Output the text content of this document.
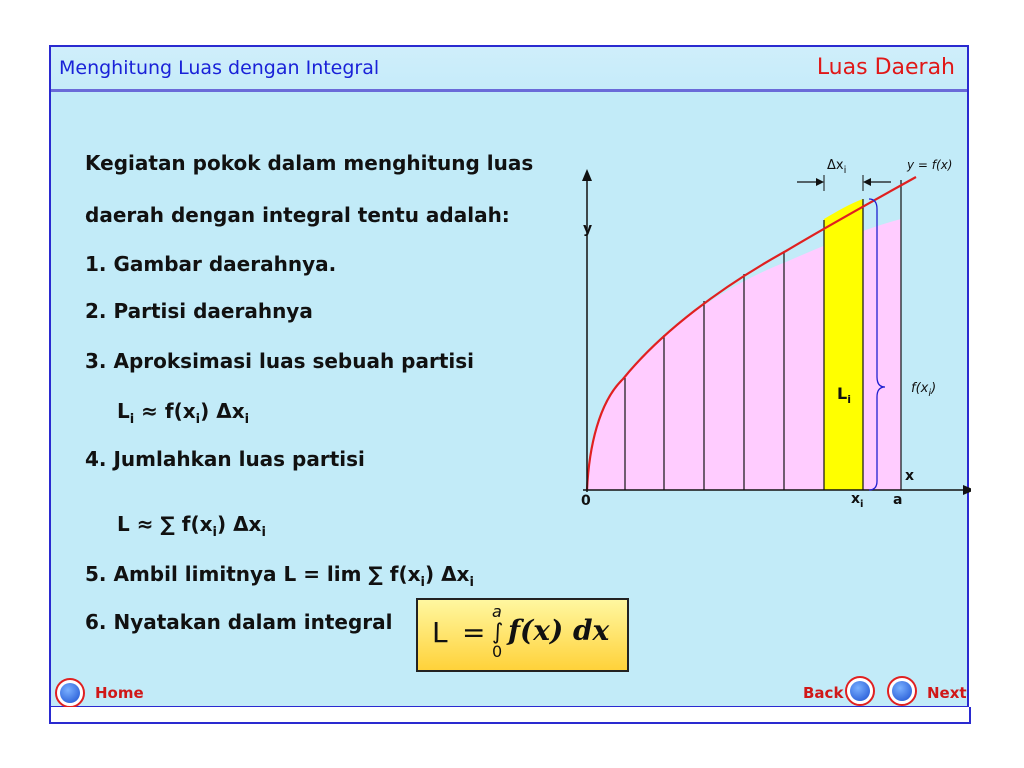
Menghitung Luas dengan Integral	Luas Daerah
Kegiatan pokok dalam menghitung luas
daerah dengan integral tentu adalah:
1. Gambar daerahnya.
2. Partisi daerahnya
3. Aproksimasi luas sebuah partisi
$L_i \approx f(x_i)$ $\Delta x_i$
4. Jumlahkan luas partisi
L ≈ ∑ $f(x_i)$ $\Delta x_i$
5. Ambil limitnya L = lim ∑ $f(x_i)$ $\Delta x_i$
6. Nyatakan dalam integral L =
a
∫
0
f(x) dx
y
x
0	a
$x_i$
y = f(x)
$\Delta x_i$
$L_i$
$f(x_i)$
Home	Back	Next
